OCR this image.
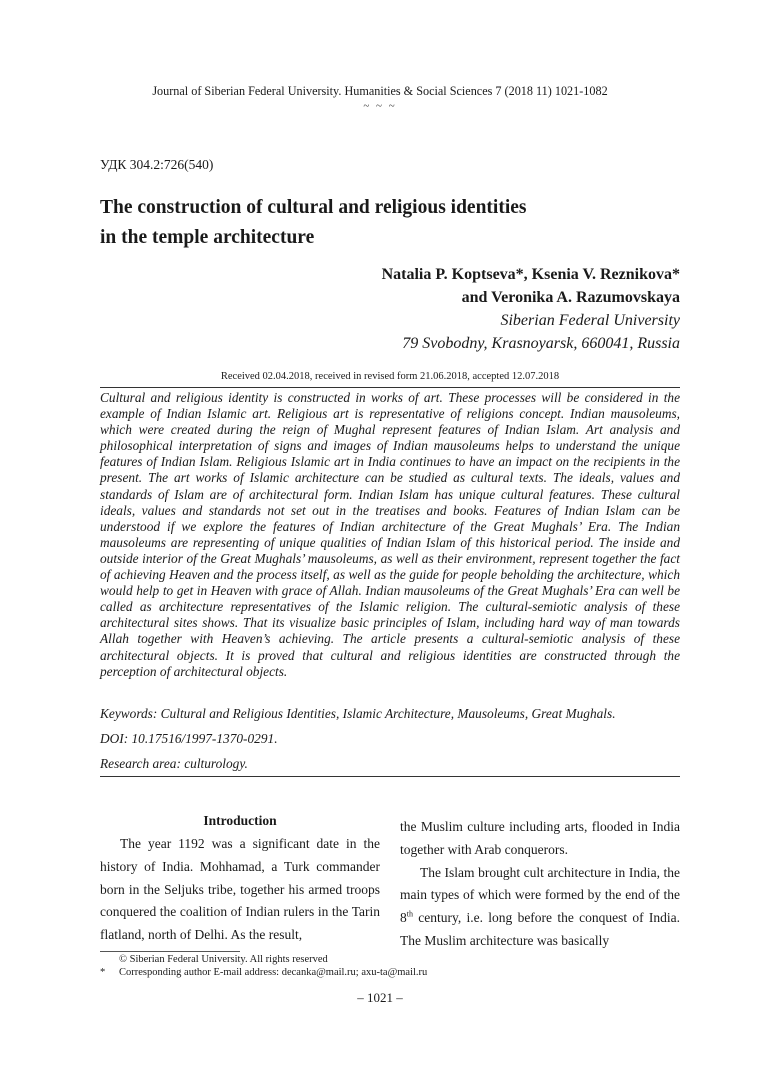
Journal of Siberian Federal University. Humanities & Social Sciences 7 (2018 11) 1021-1082
~ ~ ~
УДК 304.2:726(540)
The construction of cultural and religious identities
in the temple architecture
Natalia P. Koptseva*, Ksenia V. Reznikova*
and Veronika A. Razumovskaya
Siberian Federal University
79 Svobodny, Krasnoyarsk, 660041, Russia
Received 02.04.2018, received in revised form 21.06.2018, accepted 12.07.2018
Cultural and religious identity is constructed in works of art. These processes will be considered in the example of Indian Islamic art. Religious art is representative of religions concept. Indian mausoleums, which were created during the reign of Mughal represent features of Indian Islam. Art analysis and philosophical interpretation of signs and images of Indian mausoleums helps to understand the unique features of Indian Islam. Religious Islamic art in India continues to have an impact on the recipients in the present. The art works of Islamic architecture can be studied as cultural texts. The ideals, values and standards of Islam are of architectural form. Indian Islam has unique cultural features. These cultural ideals, values and standards not set out in the treatises and books. Features of Indian Islam can be understood if we explore the features of Indian architecture of the Great Mughals’ Era. The Indian mausoleums are representing of unique qualities of Indian Islam of this historical period. The inside and outside interior of the Great Mughals’ mausoleums, as well as their environment, represent together the fact of achieving Heaven and the process itself, as well as the guide for people beholding the architecture, which would help to get in Heaven with grace of Allah. Indian mausoleums of the Great Mughals’ Era can well be called as architecture representatives of the Islamic religion. The cultural-semiotic analysis of these architectural sites shows. That its visualize basic principles of Islam, including hard way of man towards Allah together with Heaven’s achieving. The article presents a cultural-semiotic analysis of these architectural objects. It is proved that cultural and religious identities are constructed through the perception of architectural objects.
Keywords: Cultural and Religious Identities, Islamic Architecture, Mausoleums, Great Mughals.
DOI: 10.17516/1997-1370-0291.
Research area: culturology.
Introduction

The year 1192 was a significant date in the history of India. Mohhamad, a Turk commander born in the Seljuks tribe, together his armed troops conquered the coalition of Indian rulers in the Tarin flatland, north of Delhi. As the result,

the Muslim culture including arts, flooded in India together with Arab conquerors.

The Islam brought cult architecture in India, the main types of which were formed by the end of the 8th century, i.e. long before the conquest of India. The Muslim architecture was basically

© Siberian Federal University. All rights reserved
* Corresponding author E-mail address: decanka@mail.ru; axu-ta@mail.ru
– 1021 –
